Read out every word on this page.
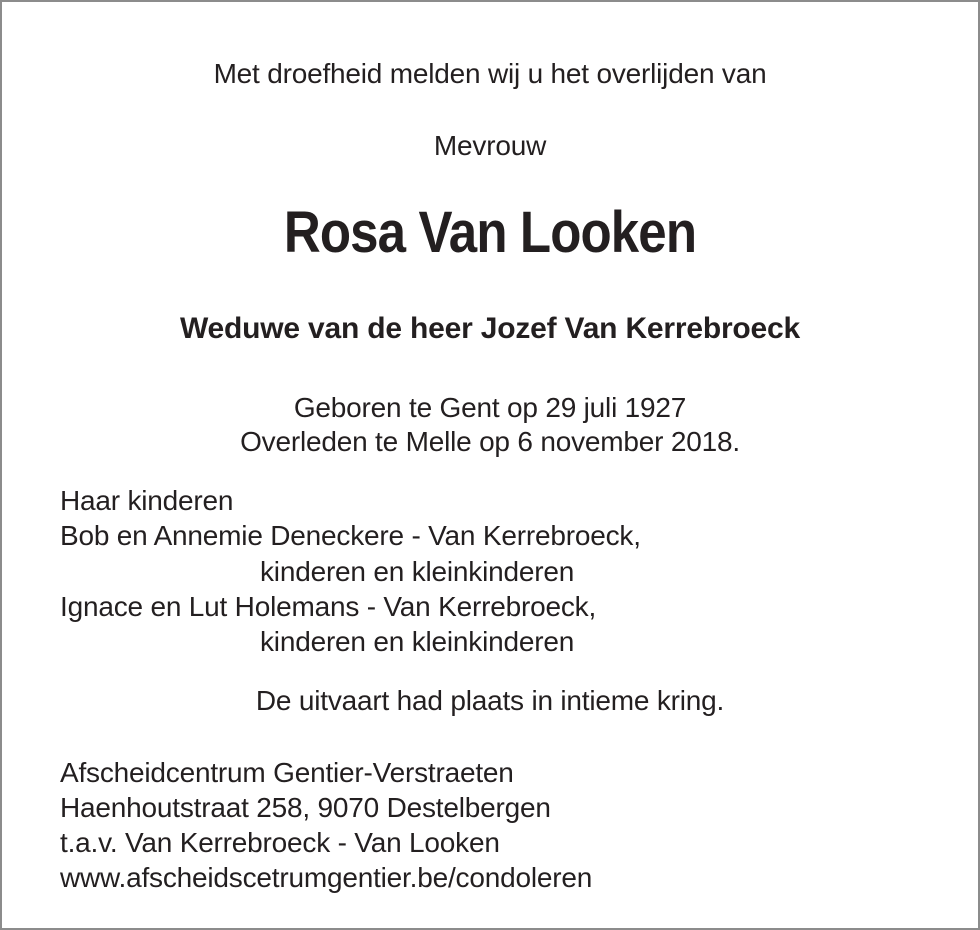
Met droefheid melden wij u het overlijden van
Mevrouw
Rosa Van Looken
Weduwe van de heer Jozef Van Kerrebroeck
Geboren te Gent op 29 juli 1927
Overleden te Melle op 6 november 2018.
Haar kinderen
Bob en Annemie Deneckere - Van Kerrebroeck,
kinderen en kleinkinderen
Ignace en Lut Holemans - Van Kerrebroeck,
kinderen en kleinkinderen
De uitvaart had plaats in intieme kring.
Afscheidcentrum Gentier-Verstraeten
Haenhoutstraat 258, 9070 Destelbergen
t.a.v. Van Kerrebroeck - Van Looken
www.afscheidscetrumgentier.be/condoleren
